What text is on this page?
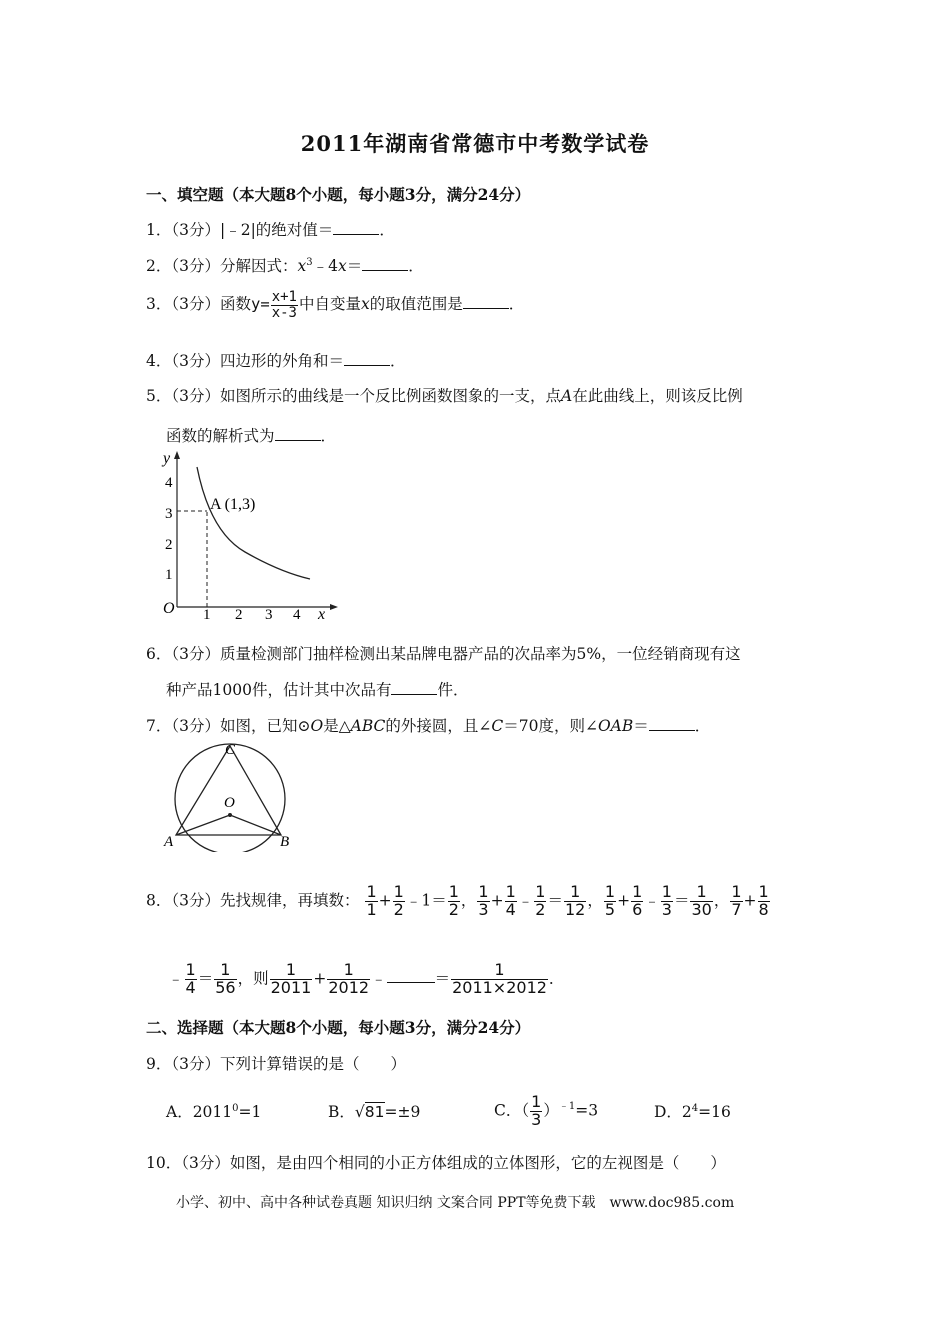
2011年湖南省常德市中考数学试卷
一、填空题（本大题8个小题，每小题3分，满分24分）
1．（3分）|﹣2|的绝对值＝	．
2．（3分）分解因式：$x^3﹣4x=$	．
3．（3分）函数$y= \frac{x+1}{x-3}$ 中自变量x的取值范围是	．
4．（3分）四边形的外角和＝	．
5．（3分）如图所示的曲线是一个反比例函数图象的一支，点A在此曲线上，则该反比例
函数的解析式为	．
y
x
O 1 2 3 4
1
2
3
4
A (1,3)
6．（3分）质量检测部门抽样检测出某品牌电器产品的次品率为5%，一位经销商现有这
种产品1000件，估计其中次品有	件．
7．（3分）如图，已知⊙O是△ABC的外接圆，且∠C＝70度，则∠OAB＝	．
C
O
A	B
8．（3分）先找规律，再填数： $\frac{1}{1} + \frac{1}{2}$ ﹣1＝ $\frac{1}{2}$ ， $\frac{1}{3} + \frac{1}{4}$ ﹣ $\frac{1}{2} = \frac{1}{12}$ ， $\frac{1}{5} + \frac{1}{6}$ ﹣ $\frac{1}{3} = \frac{1}{30}$ ， $\frac{1}{7} + \frac{1}{8}$
﹣ $\frac{1}{4} = \frac{1}{56}$ ，则 $\frac{1}{2011} + \frac{1}{2012}$ ﹣	＝ $\frac{1}{2011\times 2012}$ ．
二、选择题（本大题8个小题，每小题3分，满分24分）
9．（3分）下列计算错误的是（　　）
A．$2011^0=1$	B．√81=±9	C．（ $\frac{1}{3} )^{﹣1}=3$	D．$2^4=16$
10．（3分）如图，是由四个相同的小正方体组成的立体图形，它的左视图是（　　）
小学、初中、高中各种试卷真题 知识归纳 文案合同 PPT等免费下载　www.doc985.com
